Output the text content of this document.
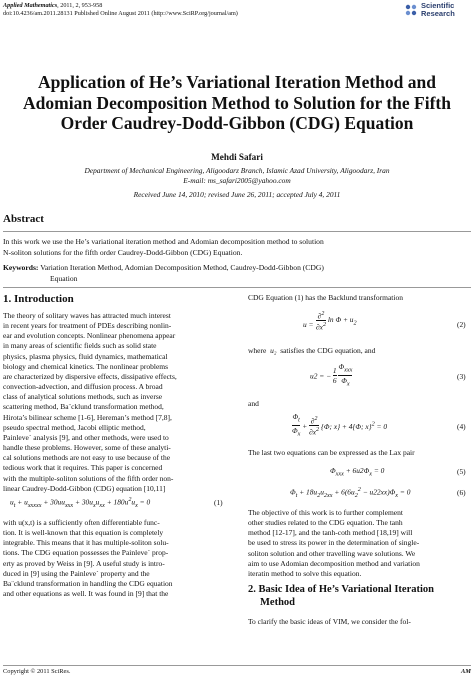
Applied Mathematics, 2011, 2, 953-958
doi:10.4236/am.2011.28131 Published Online August 2011 (http://www.SciRP.org/journal/am)
Scientific
Research
Application of He’s Variational Iteration Method and
Adomian Decomposition Method to Solution for the Fifth
Order Caudrey-Dodd-Gibbon (CDG) Equation
Mehdi Safari
Department of Mechanical Engineering, Aligoodarz Branch, Islamic Azad University, Aligoodarz, Iran
E-mail: ms_safari2005@yahoo.com
Received June 14, 2010; revised June 26, 2011; accepted July 4, 2011
Abstract
In this work we use the He’s variational iteration method and Adomian decomposition method to solution
N-soliton solutions for the fifth order Caudrey-Dodd-Gibbon (CDG) Equation.
Keywords: Variation Iteration Method, Adomian Decomposition Method, Caudrey-Dodd-Gibbon (CDG)
Equation
1. Introduction
The theory of solitary waves has attracted much interest
in recent years for treatment of PDEs describing nonlin-
ear and evolution concepts. Nonlinear phenomena appear
in many areas of scientific fields such as solid state
physics, plasma physics, fluid dynamics, mathematical
biology and chemical kinetics. The nonlinear problems
are characterized by dispersive effects, dissipative effects,
convection-advection, and diffusion process. A broad
class of analytical solutions methods, such as inverse
scattering method, Ba¨cklund transformation method,
Hirota’s bilinear scheme [1-6], Hereman’s method [7,8],
pseudo spectral method, Jacobi elliptic method,
Painleve´ analysis [9], and other methods, were used to
handle these problems. However, some of these analyti-
cal solutions methods are not easy to use because of the
tedious work that it requires. This paper is concerned
with the multiple-soliton solutions of the fifth order non-
linear Caudrey-Dodd-Gibbon (CDG) equation [10,11]
$u_t + u_{xxxxx} + 30uu_{xxx} + 30u_xu_{xx} + 180u^2u_x = 0$	(1)
with u(x,t) is a sufficiently often differentiable func-
tion. It is well-known that this equation is completely
integrable. This means that it has multiple-soliton solu-
tions. The CDG equation possesses the Painleve´ prop-
erty as proved by Weiss in [9]. A useful study is intro-
duced in [9] using the Painleve´ property and the
Ba¨cklund transformation in handling the CDG equation
and other equations as well. It was found in [9] that the
CDG Equation (1) has the Backlund transformation
$\frac{\partial^2}{\partial x^2}$ $\ln \Phi + u_2$
u =	(2)
where u₂ satisfies the CDG equation, and
u2 = − $\frac{1}{6}$
$\Phi_{xxx}$
$\Phi_x$
(3)
and
$\frac{\Phi_t}{\Phi_x} + \frac{\partial^2}{\partial x^2} \{\Phi$; x} + 4{Φ; x}$^2$ = 0	(4)
The last two equations can be expressed as the Lax pair
$\Phi_{xxx} + 6u2\Phi_x = 0$	(5)
$\Phi_t + 18u_2u_{2xx} + 6(6u_2^2 - u22xx)\Phi_x = 0$	(6)
The objective of this work is to further complement
other studies related to the CDG equation. The tanh
method [12-17], and the tanh-coth method [18,19] will
be used to stress its power in the determination of single-
soliton solution and other travelling wave solutions. We
aim to use Adomian decomposition method and variation
iteratin method to solve this equation.
2. Basic Idea of He’s Variational Iteration
Method
To clarify the basic ideas of VIM, we consider the fol-
Copyright © 2011 SciRes.	AM
